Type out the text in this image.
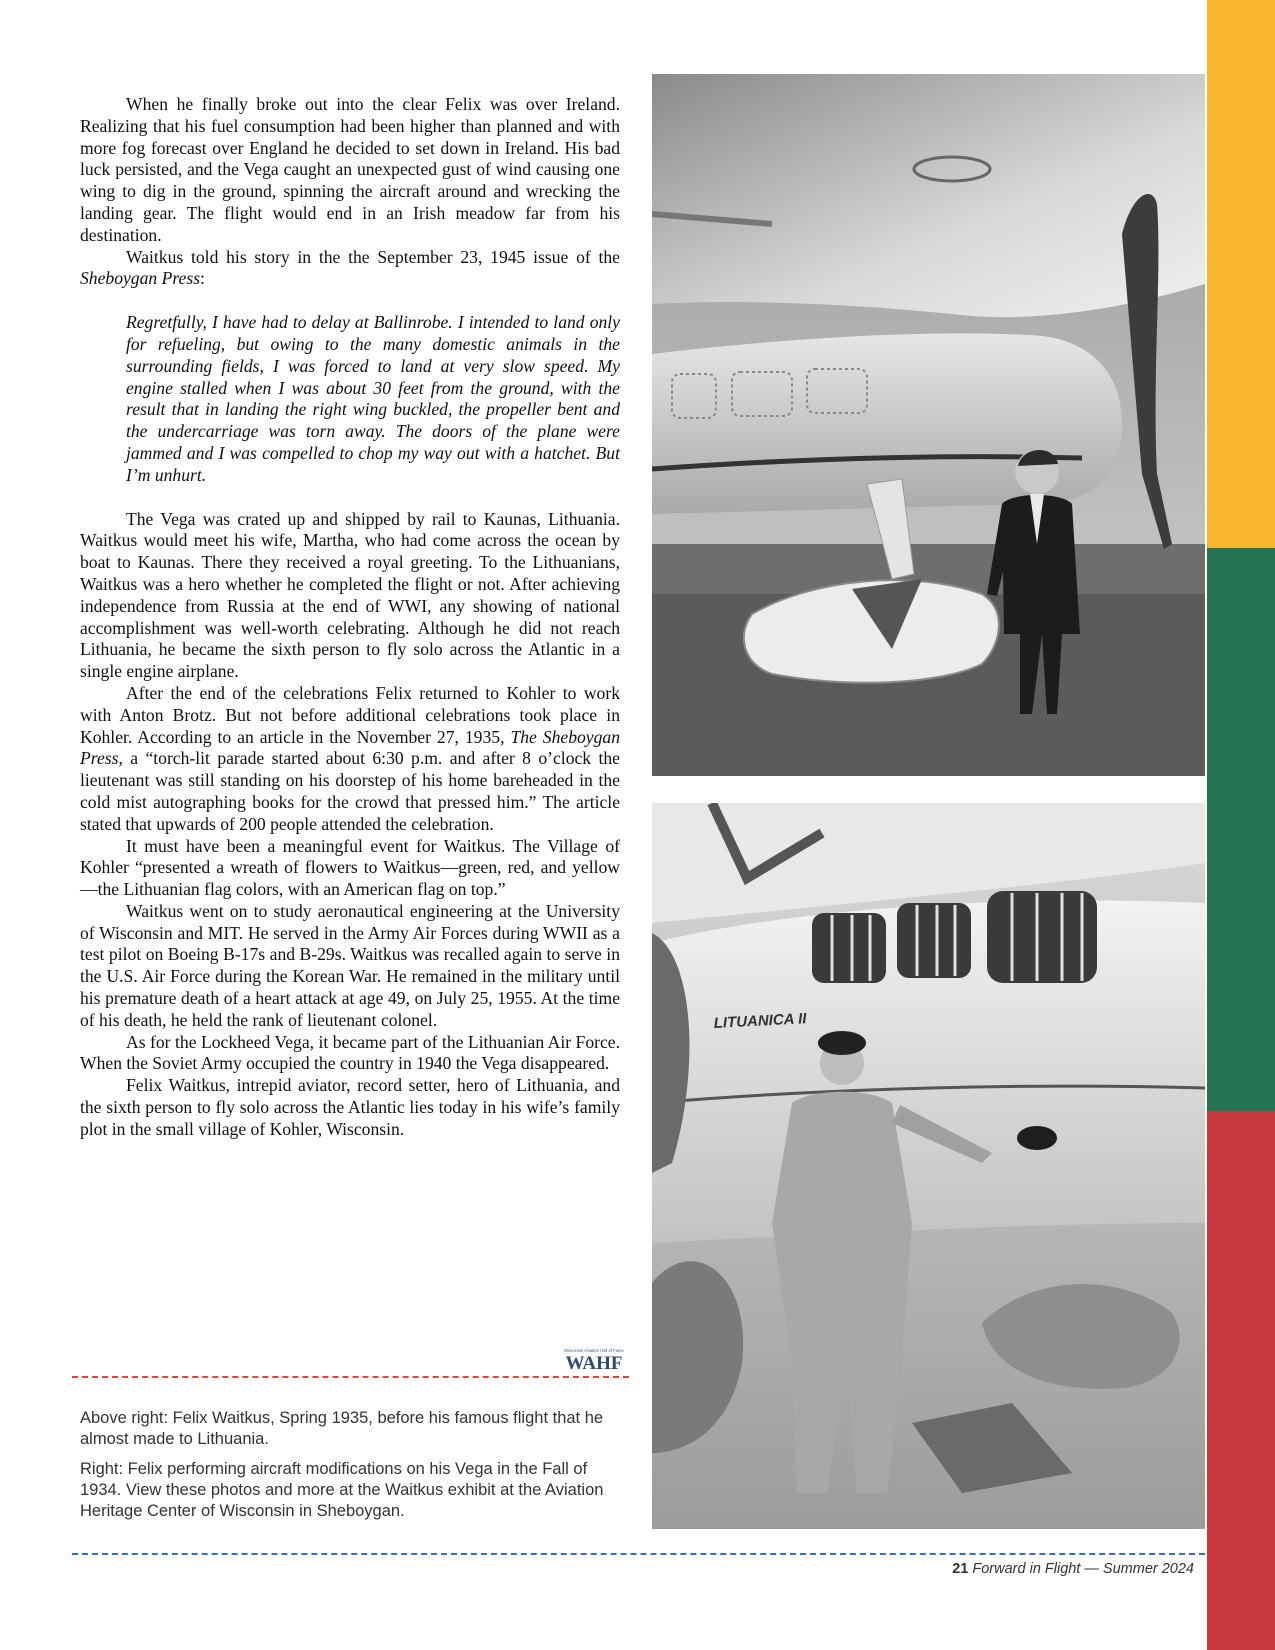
When he finally broke out into the clear Felix was over Ireland. Realizing that his fuel consumption had been higher than planned and with more fog forecast over England he decided to set down in Ireland. His bad luck persisted, and the Vega caught an unexpected gust of wind causing one wing to dig in the ground, spinning the aircraft around and wrecking the landing gear. The flight would end in an Irish meadow far from his destination.

Waitkus told his story in the the September 23, 1945 issue of the Sheboygan Press:

Regretfully, I have had to delay at Ballinrobe. I intended to land only for refueling, but owing to the many domestic animals in the surrounding fields, I was forced to land at very slow speed. My engine stalled when I was about 30 feet from the ground, with the result that in landing the right wing buckled, the propeller bent and the undercarriage was torn away. The doors of the plane were jammed and I was compelled to chop my way out with a hatchet. But I’m unhurt.

The Vega was crated up and shipped by rail to Kaunas, Lithuania. Waitkus would meet his wife, Martha, who had come across the ocean by boat to Kaunas. There they received a royal greeting. To the Lithuanians, Waitkus was a hero whether he completed the flight or not. After achieving independence from Russia at the end of WWI, any showing of national accomplishment was well-worth celebrating. Although he did not reach Lithuania, he became the sixth person to fly solo across the Atlantic in a single engine airplane.

After the end of the celebrations Felix returned to Kohler to work with Anton Brotz. But not before additional celebrations took place in Kohler. According to an article in the November 27, 1935, The Sheboygan Press, a “torch-lit parade started about 6:30 p.m. and after 8 o’clock the lieutenant was still standing on his doorstep of his home bareheaded in the cold mist autographing books for the crowd that pressed him.” The article stated that upwards of 200 people attended the celebration.

It must have been a meaningful event for Waitkus. The Village of Kohler “presented a wreath of flowers to Waitkus—green, red, and yellow—the Lithuanian flag colors, with an American flag on top.”

Waitkus went on to study aeronautical engineering at the University of Wisconsin and MIT. He served in the Army Air Forces during WWII as a test pilot on Boeing B-17s and B-29s. Waitkus was recalled again to serve in the U.S. Air Force during the Korean War. He remained in the military until his premature death of a heart attack at age 49, on July 25, 1955. At the time of his death, he held the rank of lieutenant colonel.

As for the Lockheed Vega, it became part of the Lithuanian Air Force. When the Soviet Army occupied the country in 1940 the Vega disappeared.

Felix Waitkus, intrepid aviator, record setter, hero of Lithuania, and the sixth person to fly solo across the Atlantic lies today in his wife’s family plot in the small village of Kohler, Wisconsin.

Wisconsin Aviation Hall of Fame
WAHF

Above right: Felix Waitkus, Spring 1935, before his famous flight that he almost made to Lithuania.

Right: Felix performing aircraft modifications on his Vega in the Fall of 1934. View these photos and more at the Waitkus exhibit at the Aviation Heritage Center of Wisconsin in Sheboygan.

LITUANICA II
21 Forward in Flight — Summer 2024
